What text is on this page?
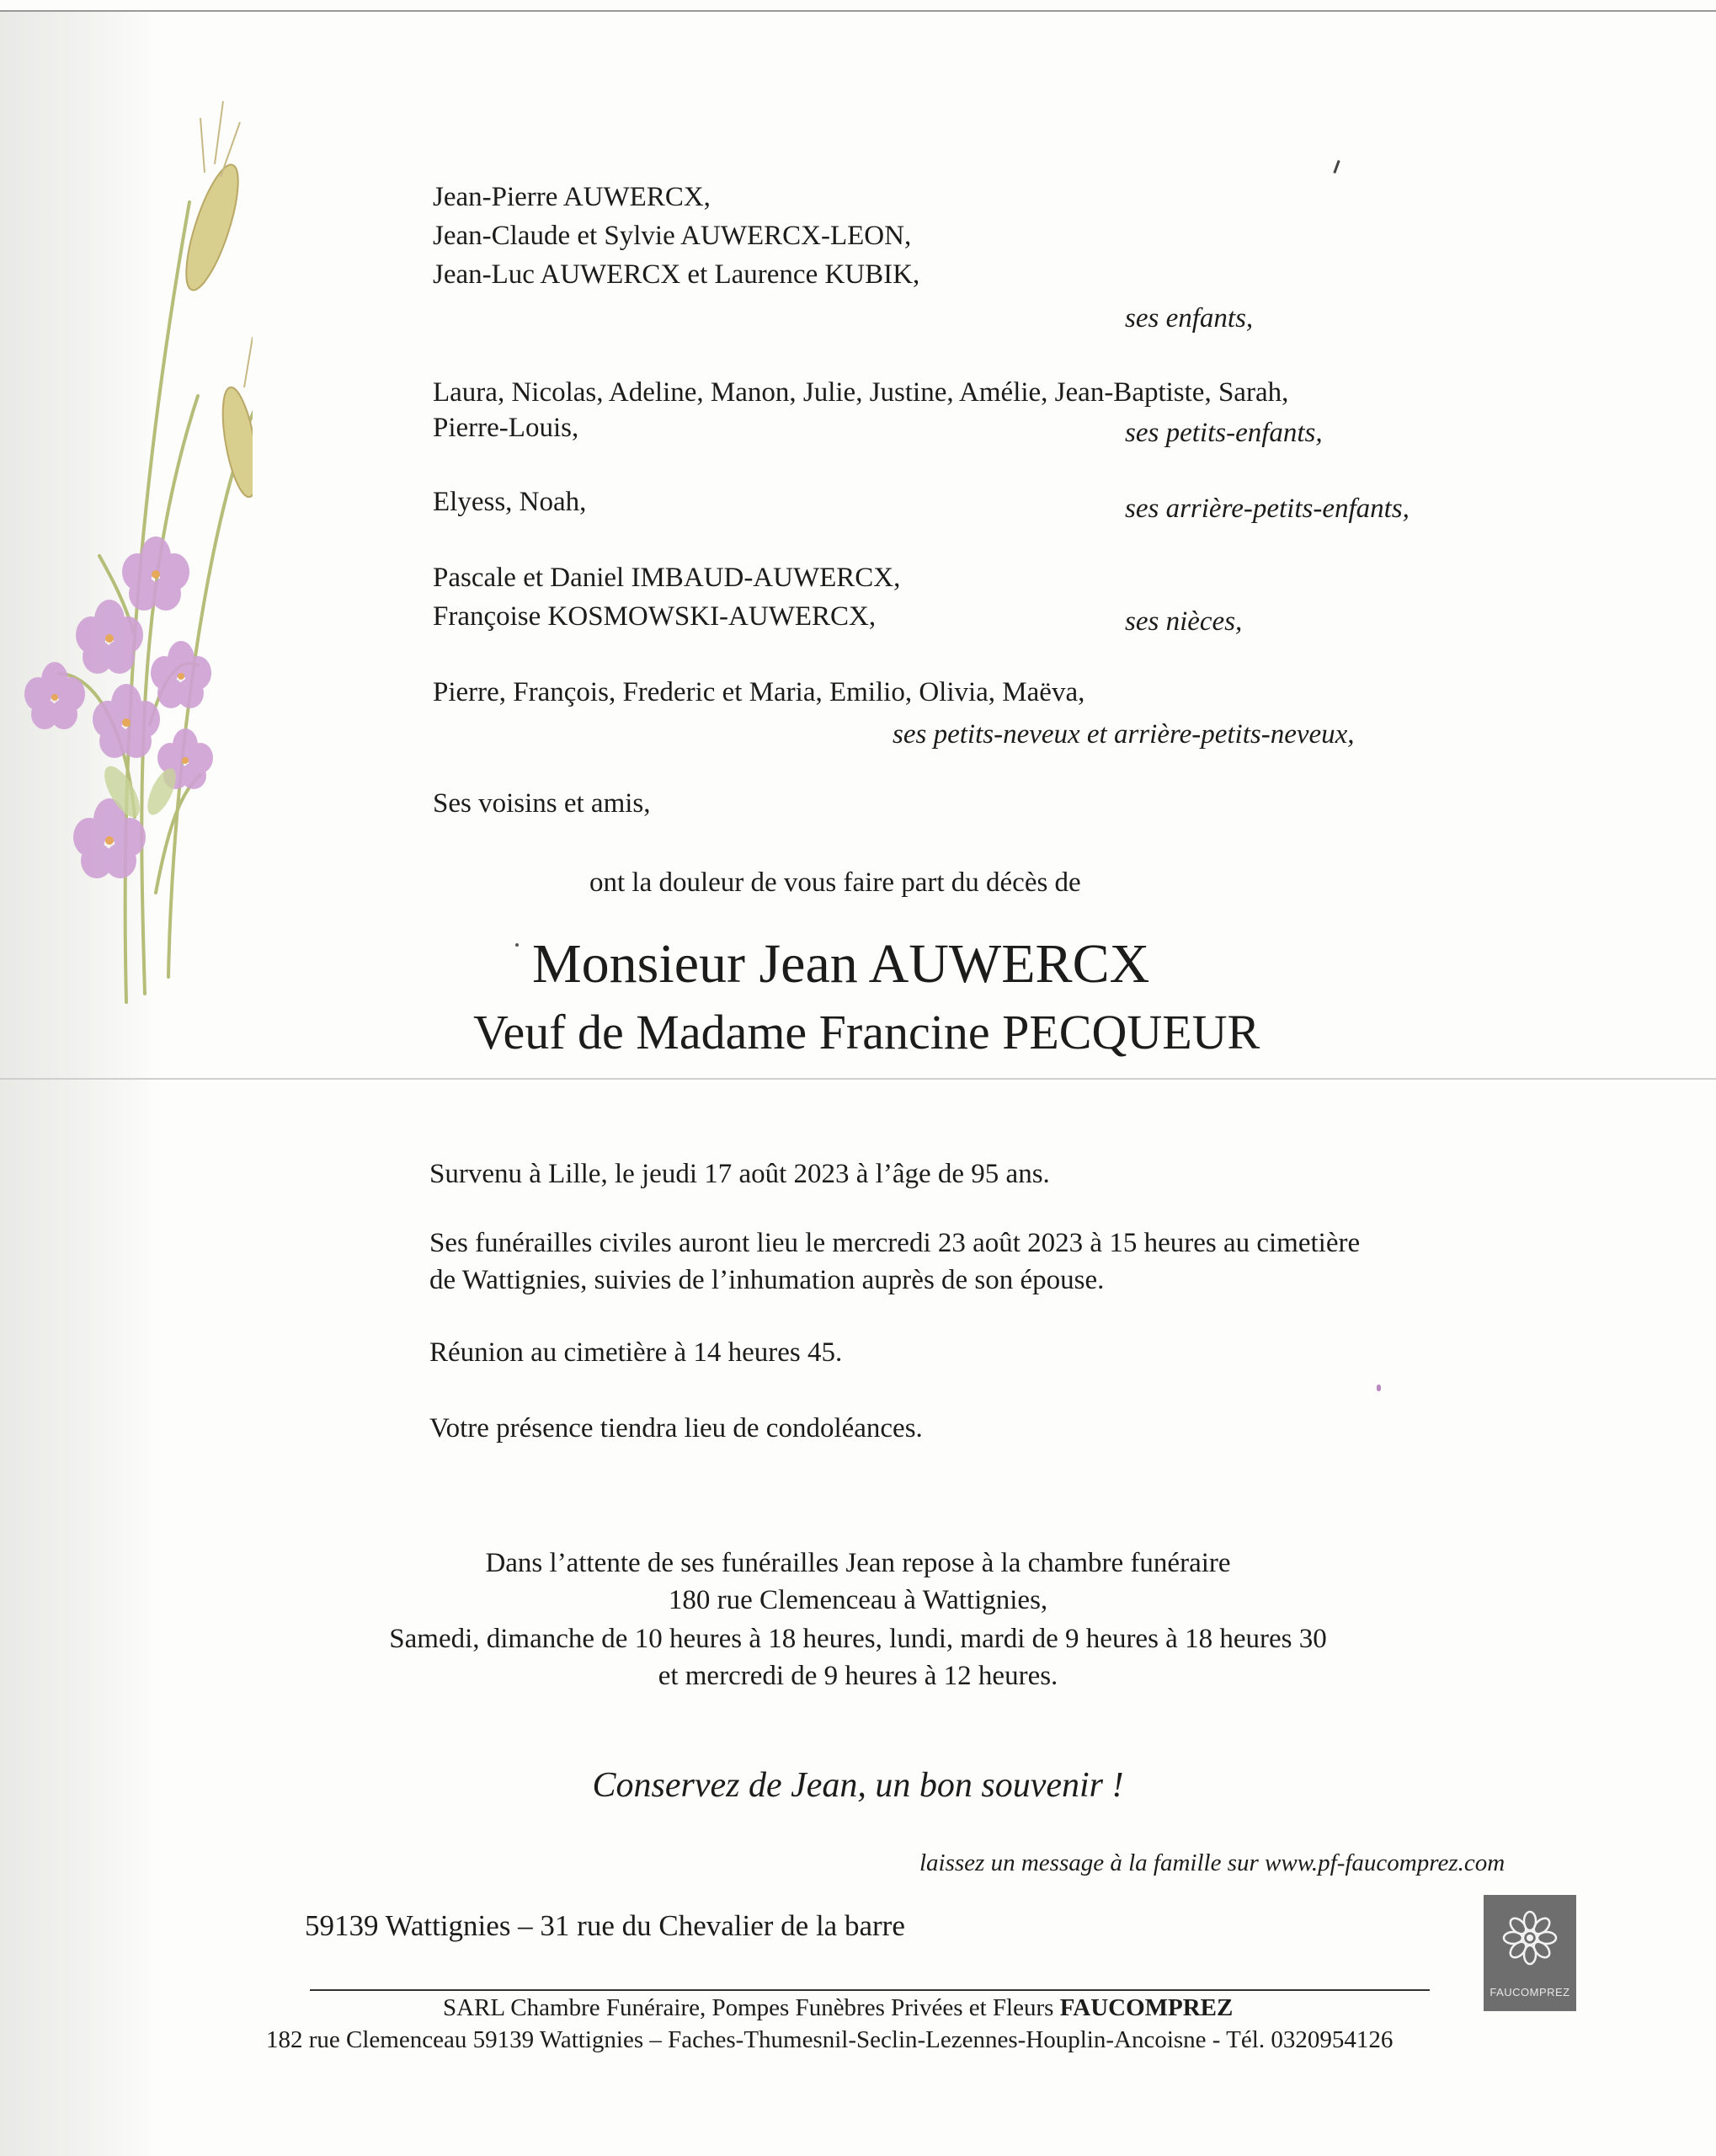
Jean-Pierre AUWERCX,
Jean-Claude et Sylvie AUWERCX-LEON,
Jean-Luc AUWERCX et Laurence KUBIK,
ses enfants,
Laura, Nicolas, Adeline, Manon, Julie, Justine, Amélie, Jean-Baptiste, Sarah,
Pierre-Louis,	ses petits-enfants,
Elyess, Noah,	ses arrière-petits-enfants,
Pascale et Daniel IMBAUD-AUWERCX,
Françoise KOSMOWSKI-AUWERCX,	ses nièces,
Pierre, François, Frederic et Maria, Emilio, Olivia, Maëva,
ses petits-neveux et arrière-petits-neveux,
Ses voisins et amis,
ont la douleur de vous faire part du décès de
Monsieur Jean AUWERCX
Veuf de Madame Francine PECQUEUR
Survenu à Lille, le jeudi 17 août 2023 à l’âge de 95 ans.
Ses funérailles civiles auront lieu le mercredi 23 août 2023 à 15 heures au cimetière
de Wattignies, suivies de l’inhumation auprès de son épouse.
Réunion au cimetière à 14 heures 45.
Votre présence tiendra lieu de condoléances.
Dans l’attente de ses funérailles Jean repose à la chambre funéraire
180 rue Clemenceau à Wattignies,
Samedi, dimanche de 10 heures à 18 heures, lundi, mardi de 9 heures à 18 heures 30
et mercredi de 9 heures à 12 heures.
Conservez de Jean, un bon souvenir !
laissez un message à la famille sur www.pf-faucomprez.com
59139 Wattignies – 31 rue du Chevalier de la barre
FAUCOMPREZ
SARL Chambre Funéraire, Pompes Funèbres Privées et Fleurs FAUCOMPREZ
182 rue Clemenceau 59139 Wattignies – Faches-Thumesnil-Seclin-Lezennes-Houplin-Ancoisne - Tél. 0320954126
